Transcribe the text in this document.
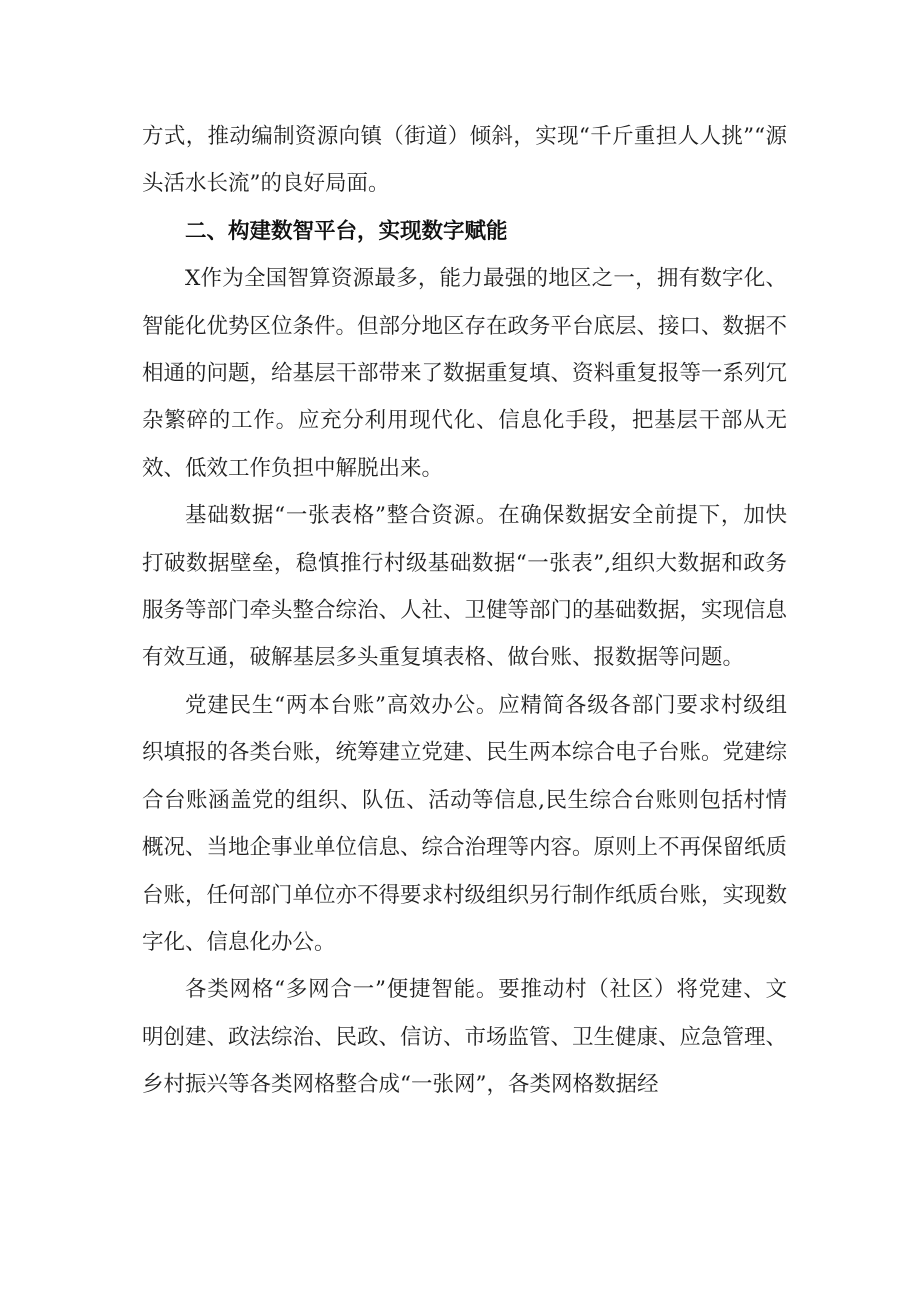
方式，推动编制资源向镇（街道）倾斜，实现“千斤重担人人挑”“源头活水长流”的良好局面。

二、构建数智平台，实现数字赋能

X作为全国智算资源最多，能力最强的地区之一，拥有数字化、智能化优势区位条件。但部分地区存在政务平台底层、接口、数据不相通的问题，给基层干部带来了数据重复填、资料重复报等一系列冗杂繁碎的工作。应充分利用现代化、信息化手段，把基层干部从无效、低效工作负担中解脱出来。

基础数据“一张表格”整合资源。在确保数据安全前提下，加快打破数据壁垒，稳慎推行村级基础数据“一张表”,组织大数据和政务服务等部门牵头整合综治、人社、卫健等部门的基础数据，实现信息有效互通，破解基层多头重复填表格、做台账、报数据等问题。

党建民生“两本台账”高效办公。应精简各级各部门要求村级组织填报的各类台账，统筹建立党建、民生两本综合电子台账。党建综合台账涵盖党的组织、队伍、活动等信息,民生综合台账则包括村情概况、当地企事业单位信息、综合治理等内容。原则上不再保留纸质台账，任何部门单位亦不得要求村级组织另行制作纸质台账，实现数字化、信息化办公。

各类网格“多网合一”便捷智能。要推动村（社区）将党建、文明创建、政法综治、民政、信访、市场监管、卫生健康、应急管理、乡村振兴等各类网格整合成“一张网”，各类网格数据经
